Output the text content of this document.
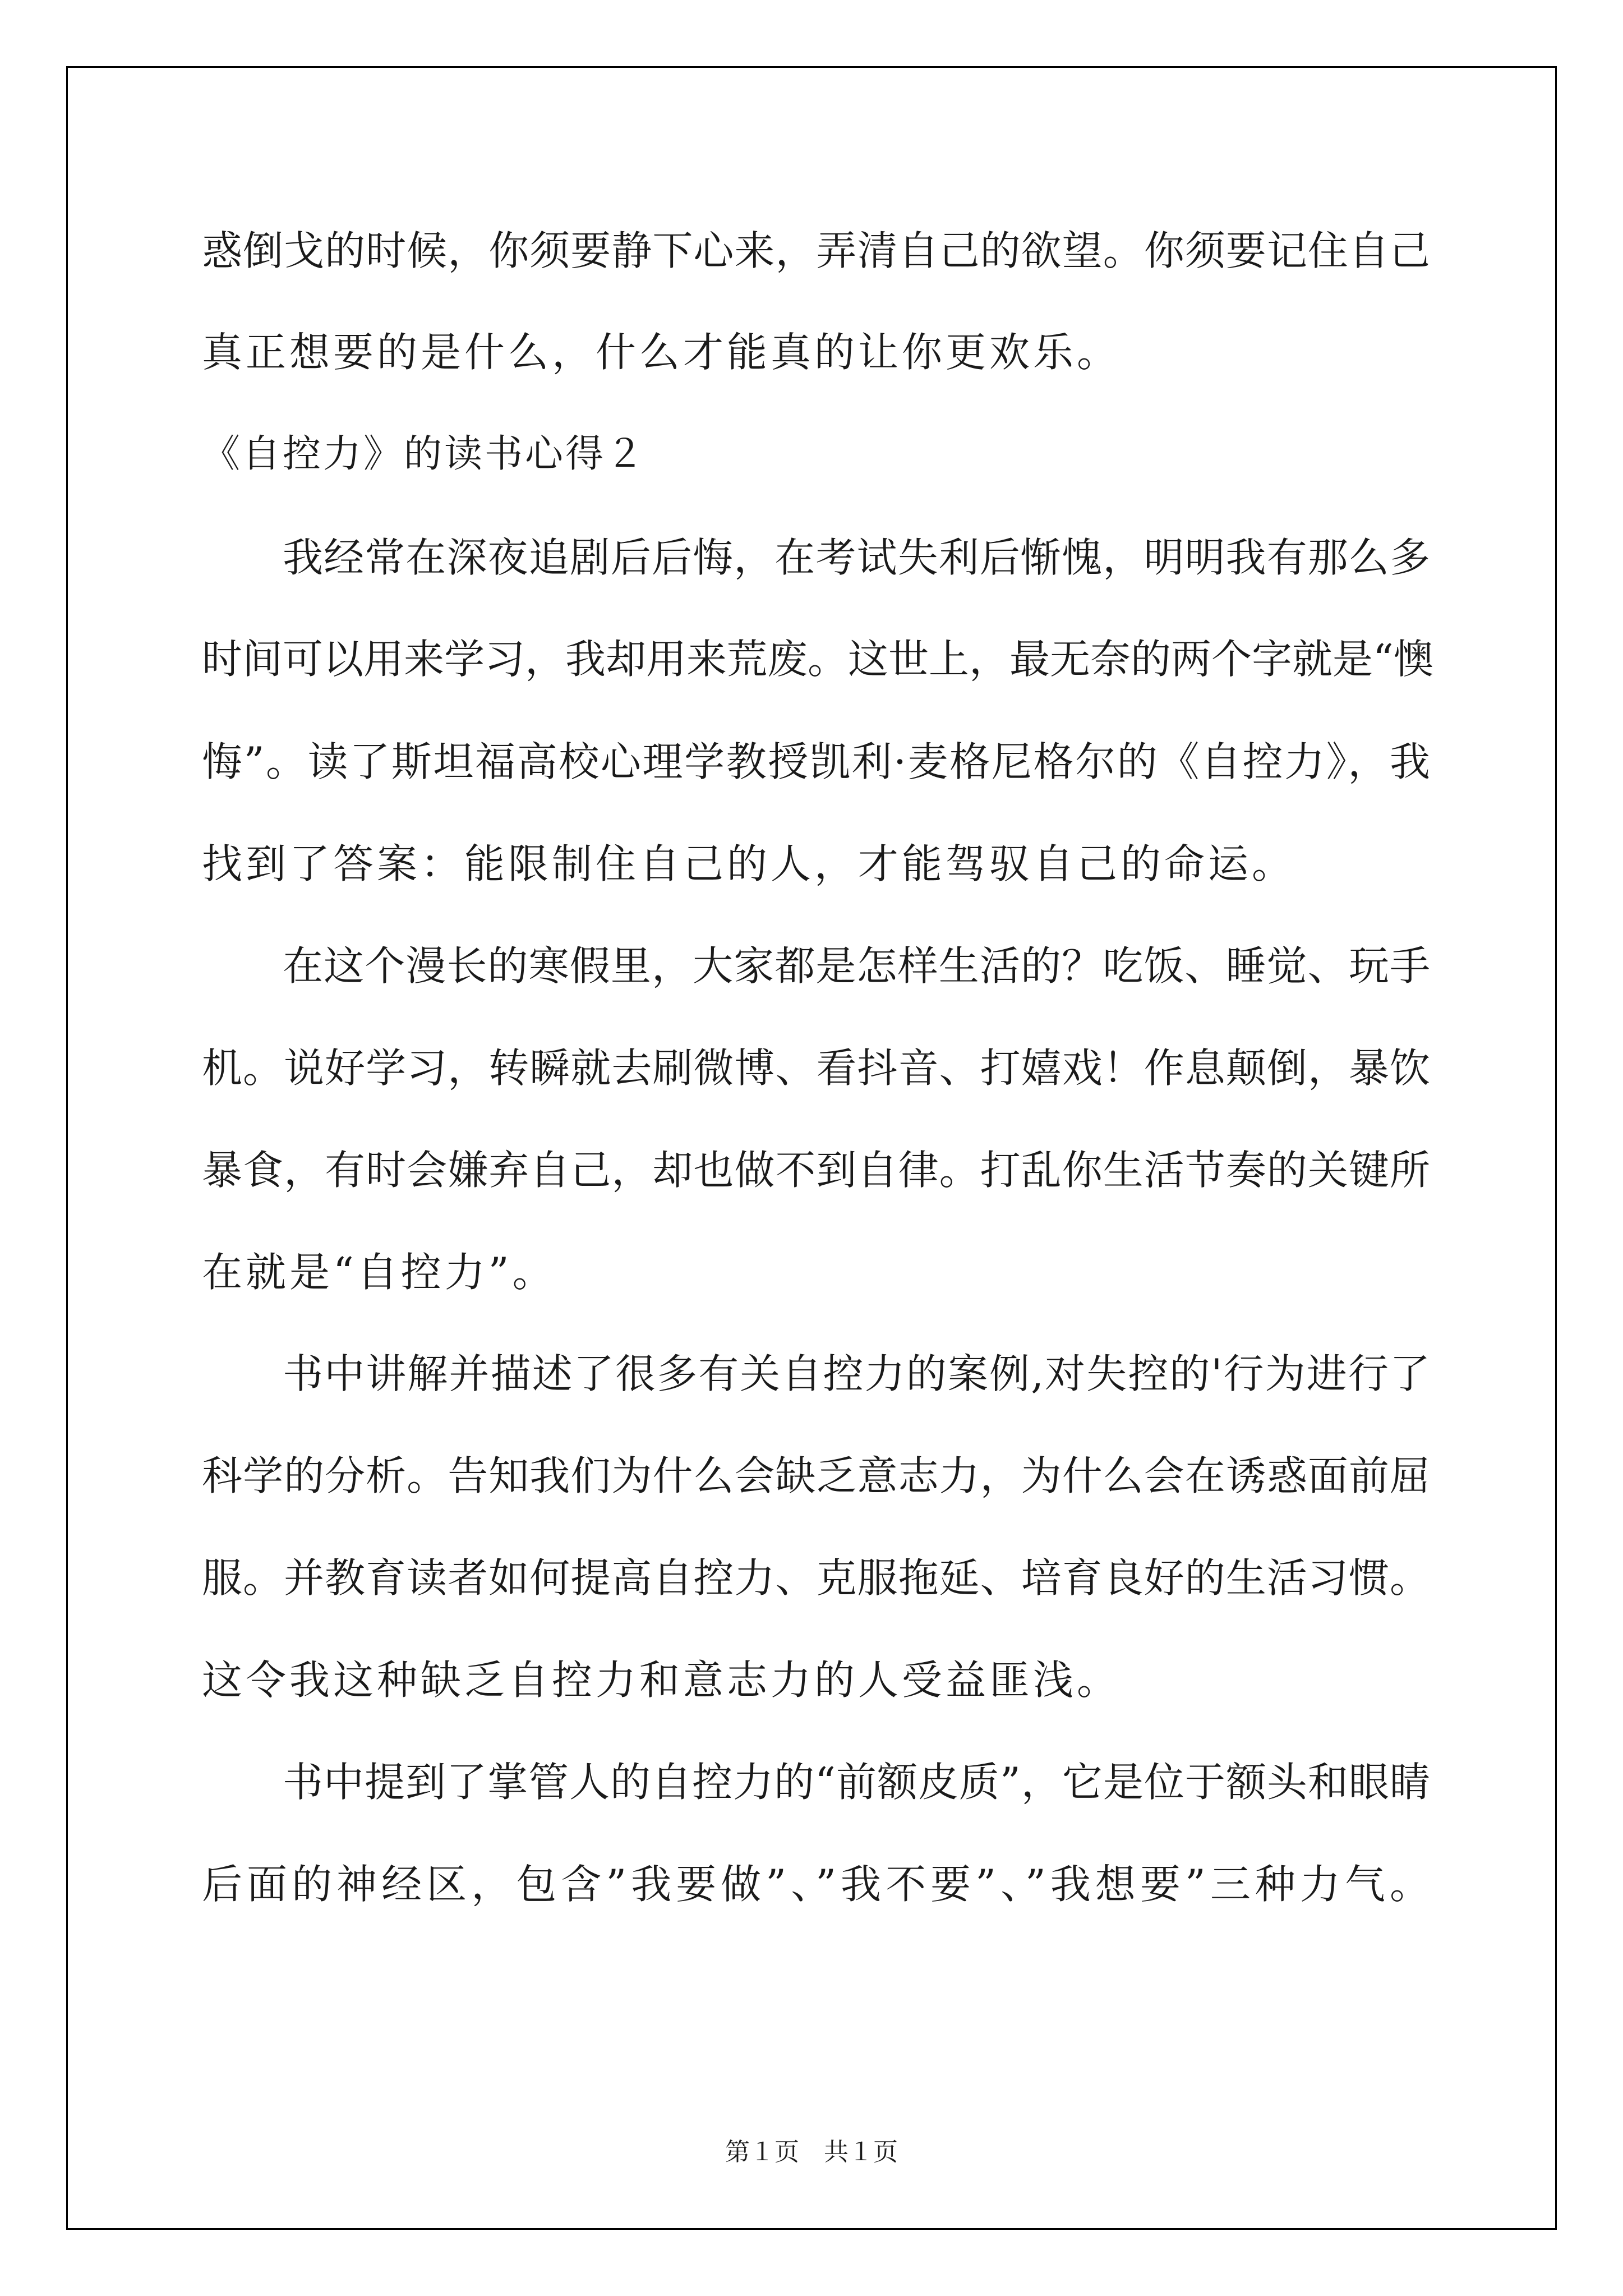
惑倒戈的时候，你须要静下心来，弄清自己的欲望。你须要记住自己
真正想要的是什么，什么才能真的让你更欢乐。
《自控力》的读书心得２
我经常在深夜追剧后后悔，在考试失利后惭愧，明明我有那么多
时间可以用来学习，我却用来荒废。这世上，最无奈的两个字就是“懊
悔”。读了斯坦福高校心理学教授凯利·麦格尼格尔的《自控力》，我
找到了答案：能限制住自己的人，才能驾驭自己的命运。
在这个漫长的寒假里，大家都是怎样生活的？吃饭、睡觉、玩手
机。说好学习，转瞬就去刷微博、看抖音、打嬉戏！作息颠倒，暴饮
暴食，有时会嫌弃自己，却也做不到自律。打乱你生活节奏的关键所
在就是“自控力”。
书中讲解并描述了很多有关自控力的案例,对失控的'行为进行了
科学的分析。告知我们为什么会缺乏意志力，为什么会在诱惑面前屈
服。并教育读者如何提高自控力、克服拖延、培育良好的生活习惯。
这令我这种缺乏自控力和意志力的人受益匪浅。
书中提到了掌管人的自控力的“前额皮质”，它是位于额头和眼睛
后面的神经区，包含”我要做”、”我不要”、”我想要”三种力气。
第１页　共１页
